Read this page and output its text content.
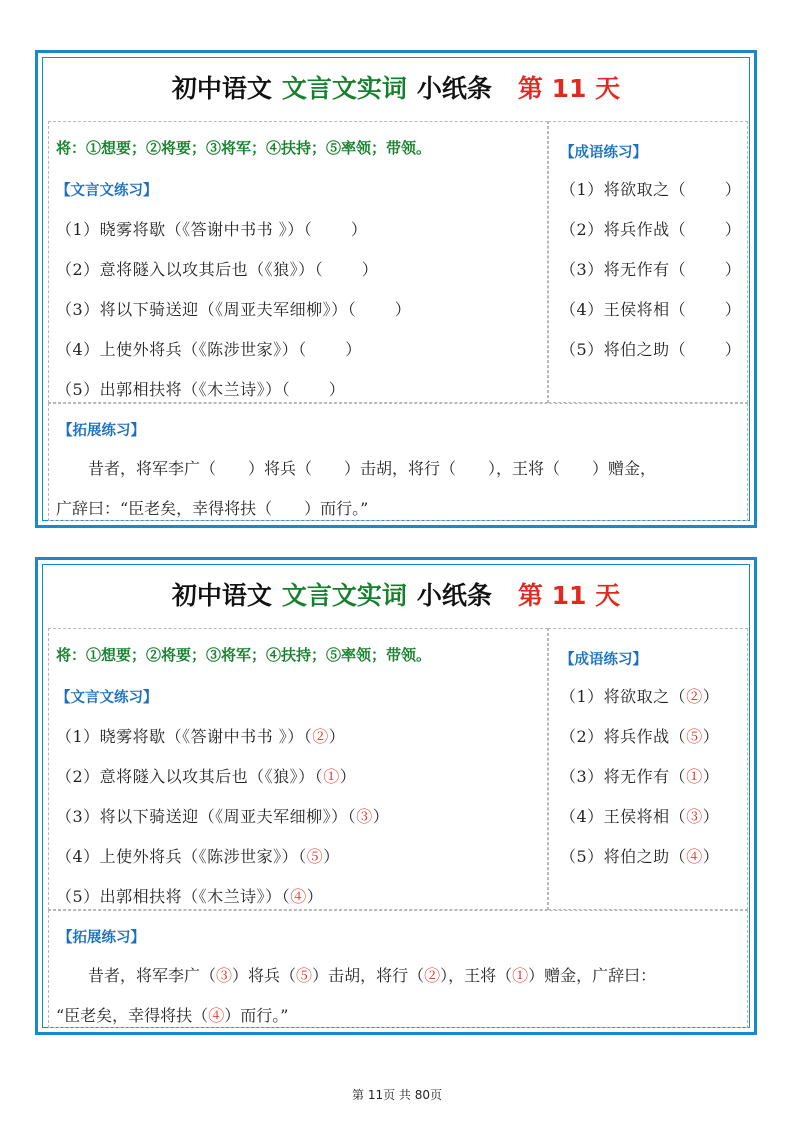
初中语文 文言文实词 小纸条 第 11 天
将：①想要；②将要；③将军；④扶持；⑤率领；带领。
【文言文练习】
（1）晓雾将歇（《答谢中书书 》）（　　 ）
（2）意将隧入以攻其后也（《狼》）（　　 ）
（3）将以下骑送迎（《周亚夫军细柳》）（　　 ）
（4）上使外将兵（《陈涉世家》）（　　 ）
（5）出郭相扶将（《木兰诗》）（　　 ）
【成语练习】
（1）将欲取之（　　 ）
（2）将兵作战（　　 ）
（3）将无作有（　　 ）
（4）王侯将相（　　 ）
（5）将伯之助（　　 ）
【拓展练习】
昔者，将军李广（　　）将兵（　　）击胡，将行（　　），王将（　　）赠金，
广辞曰：“臣老矣，幸得将扶（　　）而行。”
初中语文 文言文实词 小纸条 第 11 天
将：①想要；②将要；③将军；④扶持；⑤率领；带领。
【文言文练习】
（1）晓雾将歇（《答谢中书书 》）（②）
（2）意将隧入以攻其后也（《狼》）（①）
（3）将以下骑送迎（《周亚夫军细柳》）（③）
（4）上使外将兵（《陈涉世家》）（⑤）
（5）出郭相扶将（《木兰诗》）（④）
【成语练习】
（1）将欲取之（②）
（2）将兵作战（⑤）
（3）将无作有（①）
（4）王侯将相（③）
（5）将伯之助（④）
【拓展练习】
昔者，将军李广（③）将兵（⑤）击胡，将行（②），王将（①）赠金，广辞曰：
“臣老矣，幸得将扶（④）而行。”
第 11页 共 80页
